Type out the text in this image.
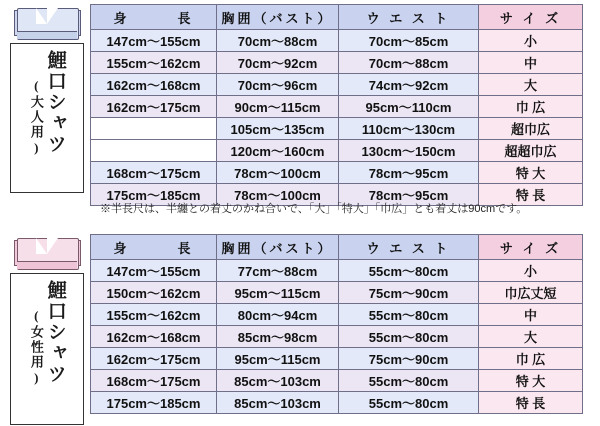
鯉口シャツ
(大人用)
身　　　長	胸囲（バスト）	ウ エ ス ト	サ イ ズ
147cm～155cm	70cm～88cm	70cm～85cm	小
155cm～162cm	70cm～92cm	70cm～88cm	中
162cm～168cm	70cm～96cm	74cm～92cm	大
162cm～175cm	90cm～115cm	95cm～110cm	巾 広
	105cm～135cm	110cm～130cm	超巾広
	120cm～160cm	130cm～150cm	超超巾広
168cm～175cm	78cm～100cm	78cm～95cm	特 大
175cm～185cm	78cm～100cm	78cm～95cm	特 長
※半長尺は、半纏との着丈のかね合いで、「大」「特大」「巾広」とも着丈は90cmです。
鯉口シャツ
(女性用)
身　　　長	胸囲（バスト）	ウ エ ス ト	サ イ ズ
147cm～155cm	77cm～88cm	55cm～80cm	小
150cm～162cm	95cm～115cm	75cm～90cm	巾広丈短
155cm～162cm	80cm～94cm	55cm～80cm	中
162cm～168cm	85cm～98cm	55cm～80cm	大
162cm～175cm	95cm～115cm	75cm～90cm	巾 広
168cm～175cm	85cm～103cm	55cm～80cm	特 大
175cm～185cm	85cm～103cm	55cm～80cm	特 長
